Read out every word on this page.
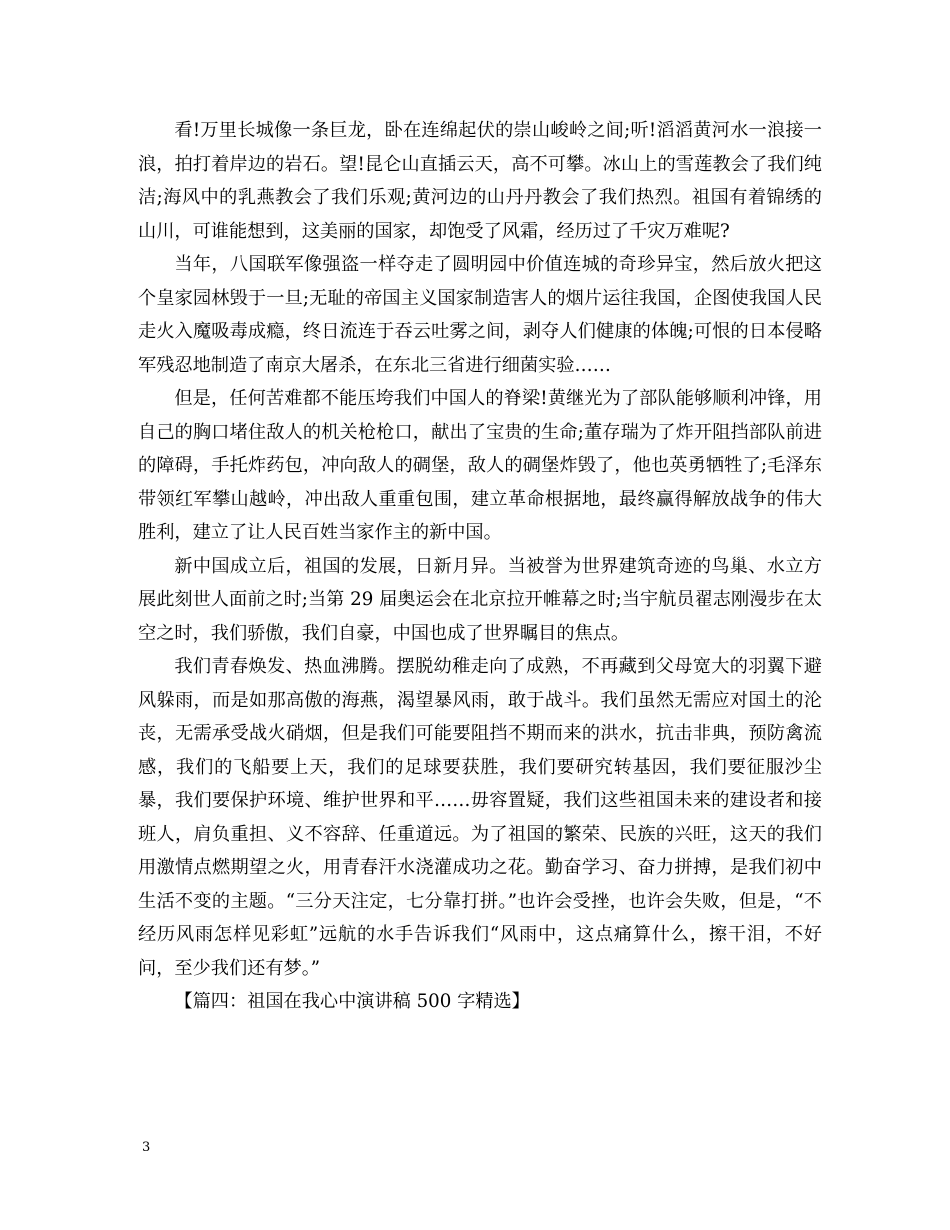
看!万里长城像一条巨龙，卧在连绵起伏的崇山峻岭之间;听!滔滔黄河水一浪接一浪，拍打着岸边的岩石。望!昆仑山直插云天，高不可攀。冰山上的雪莲教会了我们纯洁;海风中的乳燕教会了我们乐观;黄河边的山丹丹教会了我们热烈。祖国有着锦绣的山川，可谁能想到，这美丽的国家，却饱受了风霜，经历过了千灾万难呢?

当年，八国联军像强盗一样夺走了圆明园中价值连城的奇珍异宝，然后放火把这个皇家园林毁于一旦;无耻的帝国主义国家制造害人的烟片运往我国，企图使我国人民走火入魔吸毒成瘾，终日流连于吞云吐雾之间，剥夺人们健康的体魄;可恨的日本侵略军残忍地制造了南京大屠杀，在东北三省进行细菌实验……

但是，任何苦难都不能压垮我们中国人的脊梁!黄继光为了部队能够顺利冲锋，用自己的胸口堵住敌人的机关枪枪口，献出了宝贵的生命;董存瑞为了炸开阻挡部队前进的障碍，手托炸药包，冲向敌人的碉堡，敌人的碉堡炸毁了，他也英勇牺牲了;毛泽东带领红军攀山越岭，冲出敌人重重包围，建立革命根据地，最终赢得解放战争的伟大胜利，建立了让人民百姓当家作主的新中国。

新中国成立后，祖国的发展，日新月异。当被誉为世界建筑奇迹的鸟巢、水立方展此刻世人面前之时;当第 29 届奥运会在北京拉开帷幕之时;当宇航员翟志刚漫步在太空之时，我们骄傲，我们自豪，中国也成了世界瞩目的焦点。

我们青春焕发、热血沸腾。摆脱幼稚走向了成熟，不再藏到父母宽大的羽翼下避风躲雨，而是如那高傲的海燕，渴望暴风雨，敢于战斗。我们虽然无需应对国土的沦丧，无需承受战火硝烟，但是我们可能要阻挡不期而来的洪水，抗击非典，预防禽流感，我们的飞船要上天，我们的足球要获胜，我们要研究转基因，我们要征服沙尘暴，我们要保护环境、维护世界和平……毋容置疑，我们这些祖国未来的建设者和接班人，肩负重担、义不容辞、任重道远。为了祖国的繁荣、民族的兴旺，这天的我们用激情点燃期望之火，用青春汗水浇灌成功之花。勤奋学习、奋力拼搏，是我们初中生活不变的主题。“三分天注定，七分靠打拼。”也许会受挫，也许会失败，但是，“不经历风雨怎样见彩虹”远航的水手告诉我们“风雨中，这点痛算什么，擦干泪，不好问，至少我们还有梦。”

【篇四：祖国在我心中演讲稿 500 字精选】

3
